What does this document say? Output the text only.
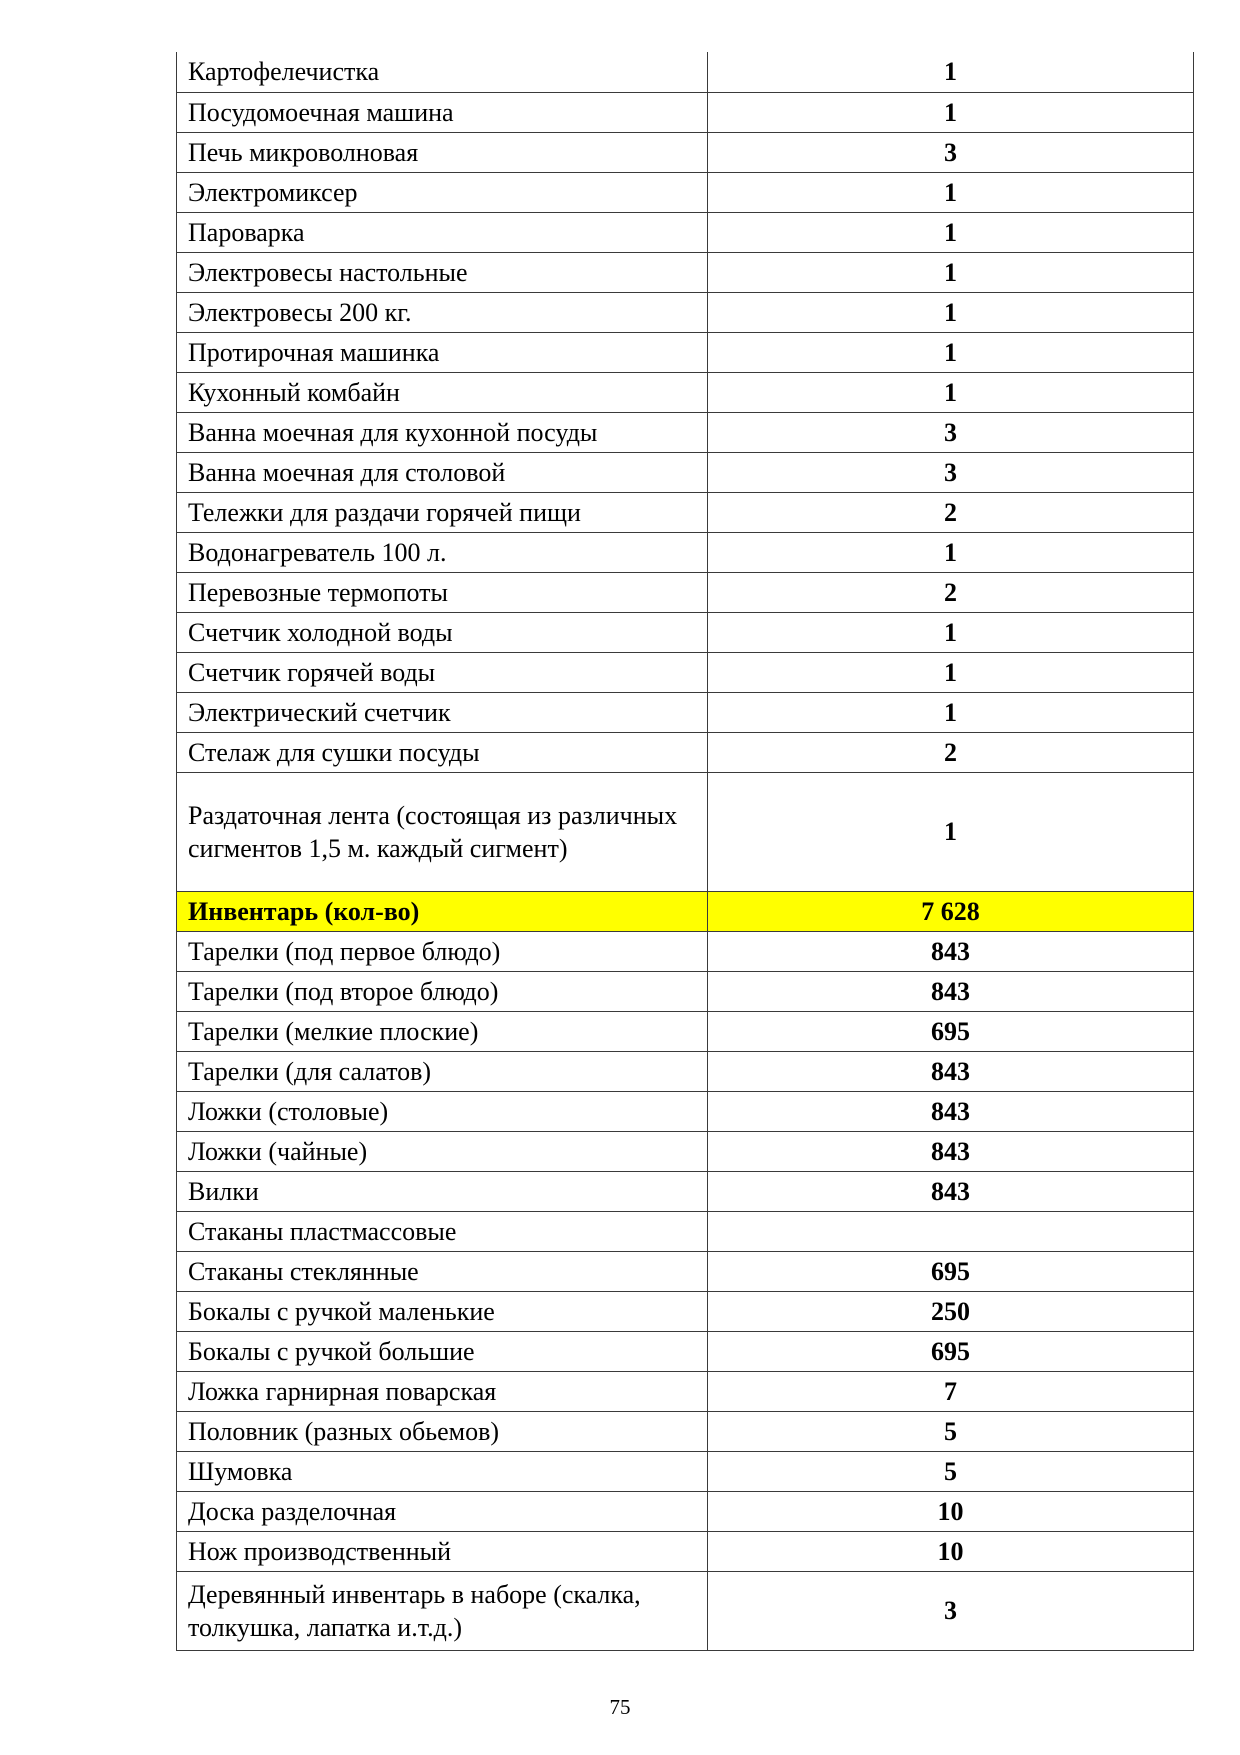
Картофелечистка	1
Посудомоечная машина	1
Печь микроволновая	3
Электромиксер	1
Пароварка	1
Электровесы настольные	1
Электровесы 200 кг.	1
Протирочная машинка	1
Кухонный комбайн	1
Ванна моечная для кухонной посуды	3
Ванна моечная для столовой	3
Тележки для раздачи горячей пищи	2
Водонагреватель 100 л.	1
Перевозные термопоты	2
Счетчик холодной воды	1
Счетчик горячей воды	1
Электрический счетчик	1
Стелаж для сушки посуды	2
Раздаточная лента (состоящая из различных сигментов 1,5 м. каждый сигмент)	1
Инвентарь (кол-во)	7 628
Тарелки (под первое блюдо)	843
Тарелки (под второе блюдо)	843
Тарелки (мелкие плоские)	695
Тарелки (для салатов)	843
Ложки (столовые)	843
Ложки (чайные)	843
Вилки	843
Стаканы пластмассовые	
Стаканы стеклянные	695
Бокалы с ручкой маленькие	250
Бокалы с ручкой большие	695
Ложка гарнирная поварская	7
Половник (разных обьемов)	5
Шумовка	5
Доска разделочная	10
Нож производственный	10
Деревянный инвентарь в наборе (скалка, толкушка, лапатка и.т.д.)	3
75
